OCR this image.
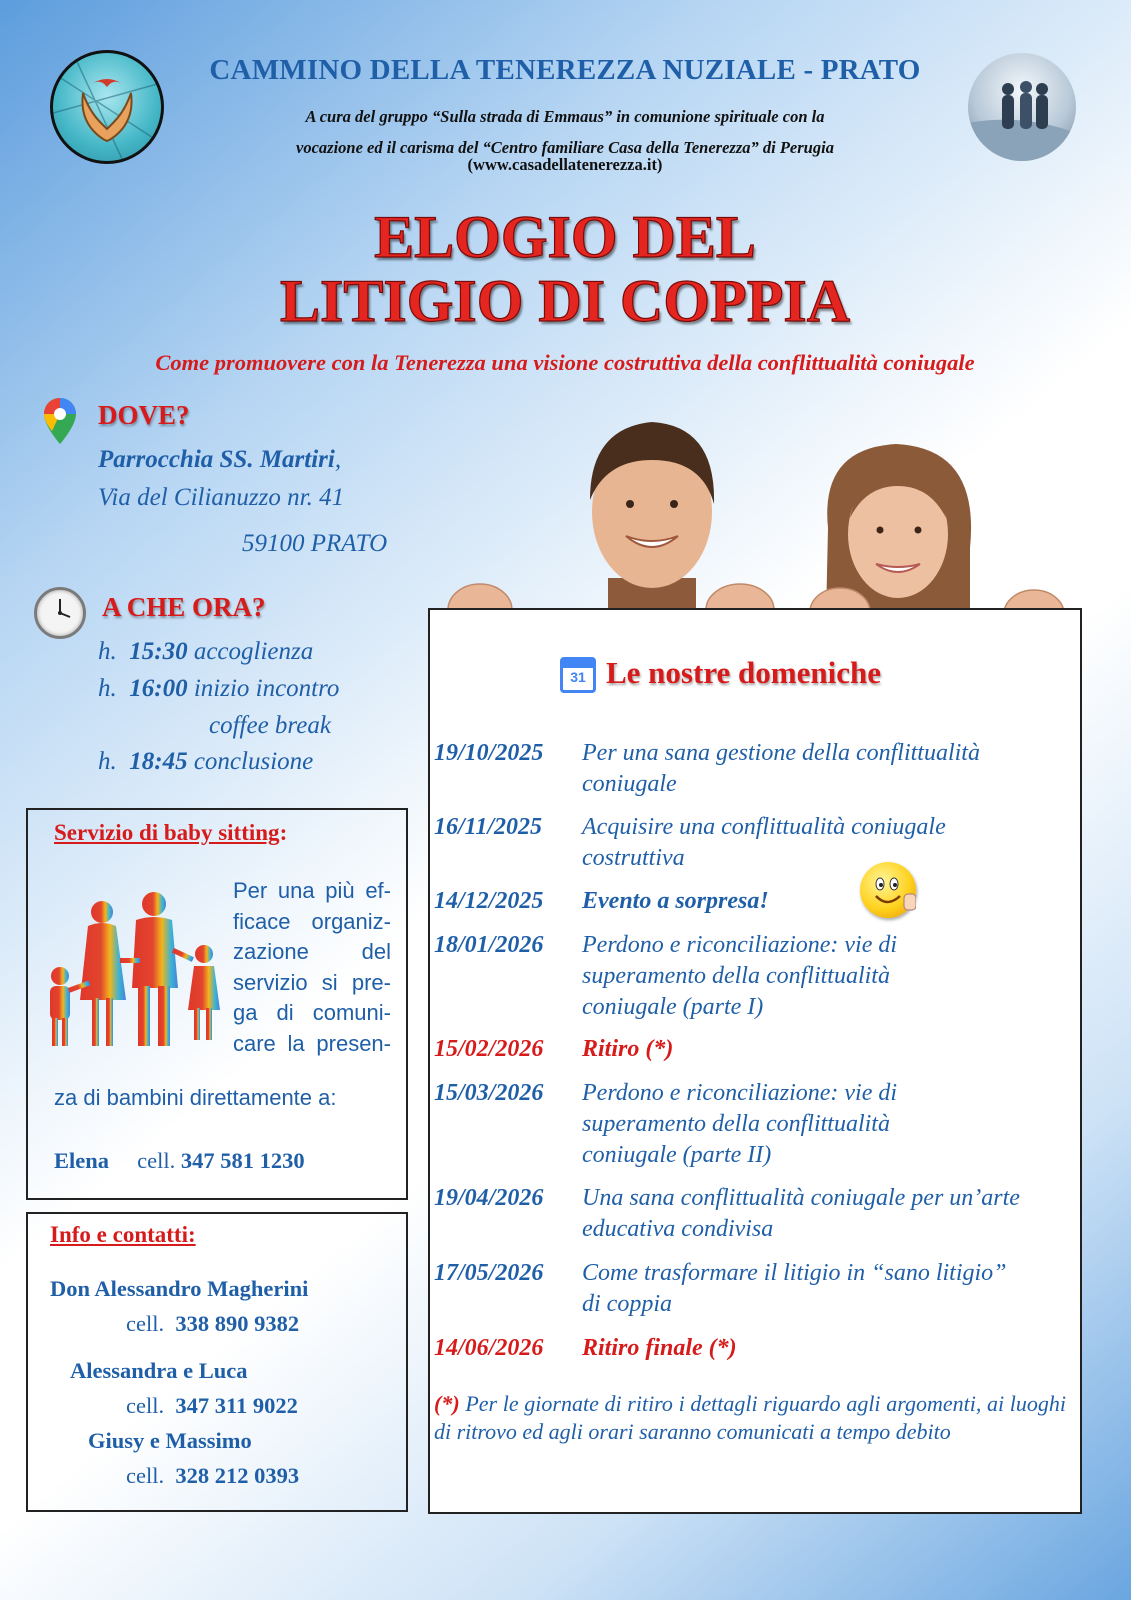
CAMMINO DELLA TENEREZZA NUZIALE - PRATO
A cura del gruppo “Sulla strada di Emmaus” in comunione spirituale con la
vocazione ed il carisma del “Centro familiare Casa della Tenerezza” di Perugia
(www.casadellatenerezza.it)
ELOGIO DEL
LITIGIO DI COPPIA
Come promuovere con la Tenerezza una visione costruttiva della conflittualità coniugale
DOVE?
Parrocchia SS. Martiri,
Via del Cilianuzzo nr. 41
59100 PRATO
A CHE ORA?
h. 15:30 accoglienza
h. 16:00 inizio incontro
coffee break
h. 18:45 conclusione
Servizio di baby sitting:
Per una più ef-
ficace organiz-
zazione del
servizio si pre-
ga di comuni-
care la presen-
za di bambini direttamente a:
Elena cell. 347 581 1230
Info e contatti:
Don Alessandro Magherini
cell. 338 890 9382
Alessandra e Luca
cell. 347 311 9022
Giusy e Massimo
cell. 328 212 0393
31 Le nostre domeniche
19/10/2025 Per una sana gestione della conflittualità coniugale
16/11/2025 Acquisire una conflittualità coniugale costruttiva
14/12/2025 Evento a sorpresa!
18/01/2026 Perdono e riconciliazione: vie di superamento della conflittualità coniugale (parte I)
15/02/2026 Ritiro (*)
15/03/2026 Perdono e riconciliazione: vie di superamento della conflittualità coniugale (parte II)
19/04/2026 Una sana conflittualità coniugale per un’arte educativa condivisa
17/05/2026 Come trasformare il litigio in “sano litigio” di coppia
14/06/2026 Ritiro finale (*)
(*) Per le giornate di ritiro i dettagli riguardo agli argomenti, ai luoghi di ritrovo ed agli orari saranno comunicati a tempo debito
